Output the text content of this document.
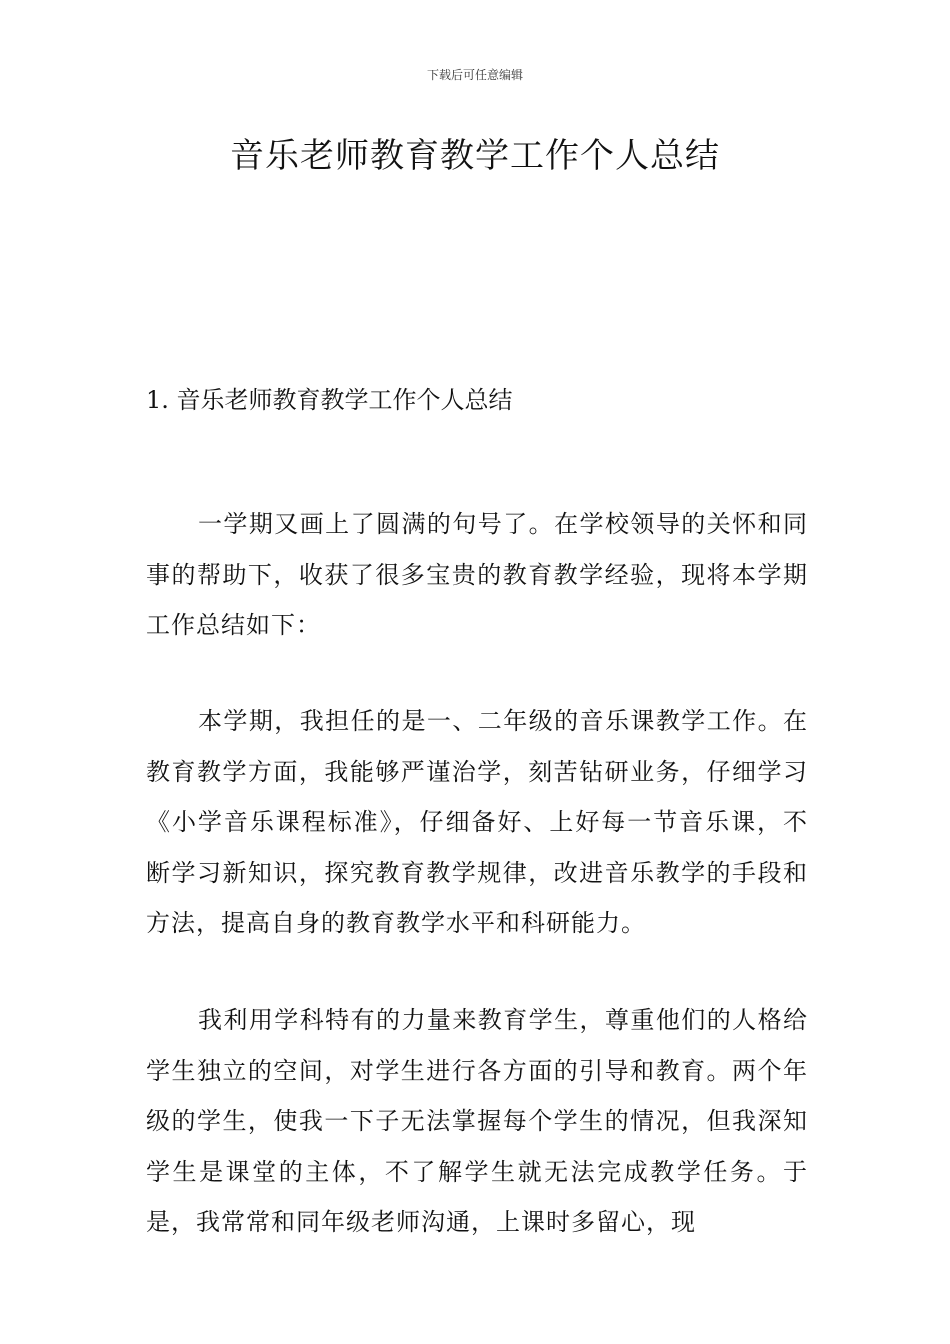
下载后可任意编辑
音乐老师教育教学工作个人总结
1. 音乐老师教育教学工作个人总结

一学期又画上了圆满的句号了。在学校领导的关怀和同事的帮助下，收获了很多宝贵的教育教学经验，现将本学期工作总结如下：

本学期，我担任的是一、二年级的音乐课教学工作。在教育教学方面，我能够严谨治学，刻苦钻研业务，仔细学习《小学音乐课程标准》，仔细备好、上好每一节音乐课，不断学习新知识，探究教育教学规律，改进音乐教学的手段和方法，提高自身的教育教学水平和科研能力。

我利用学科特有的力量来教育学生，尊重他们的人格给学生独立的空间，对学生进行各方面的引导和教育。两个年级的学生，使我一下子无法掌握每个学生的情况，但我深知学生是课堂的主体，不了解学生就无法完成教学任务。于是，我常常和同年级老师沟通，上课时多留心，现
